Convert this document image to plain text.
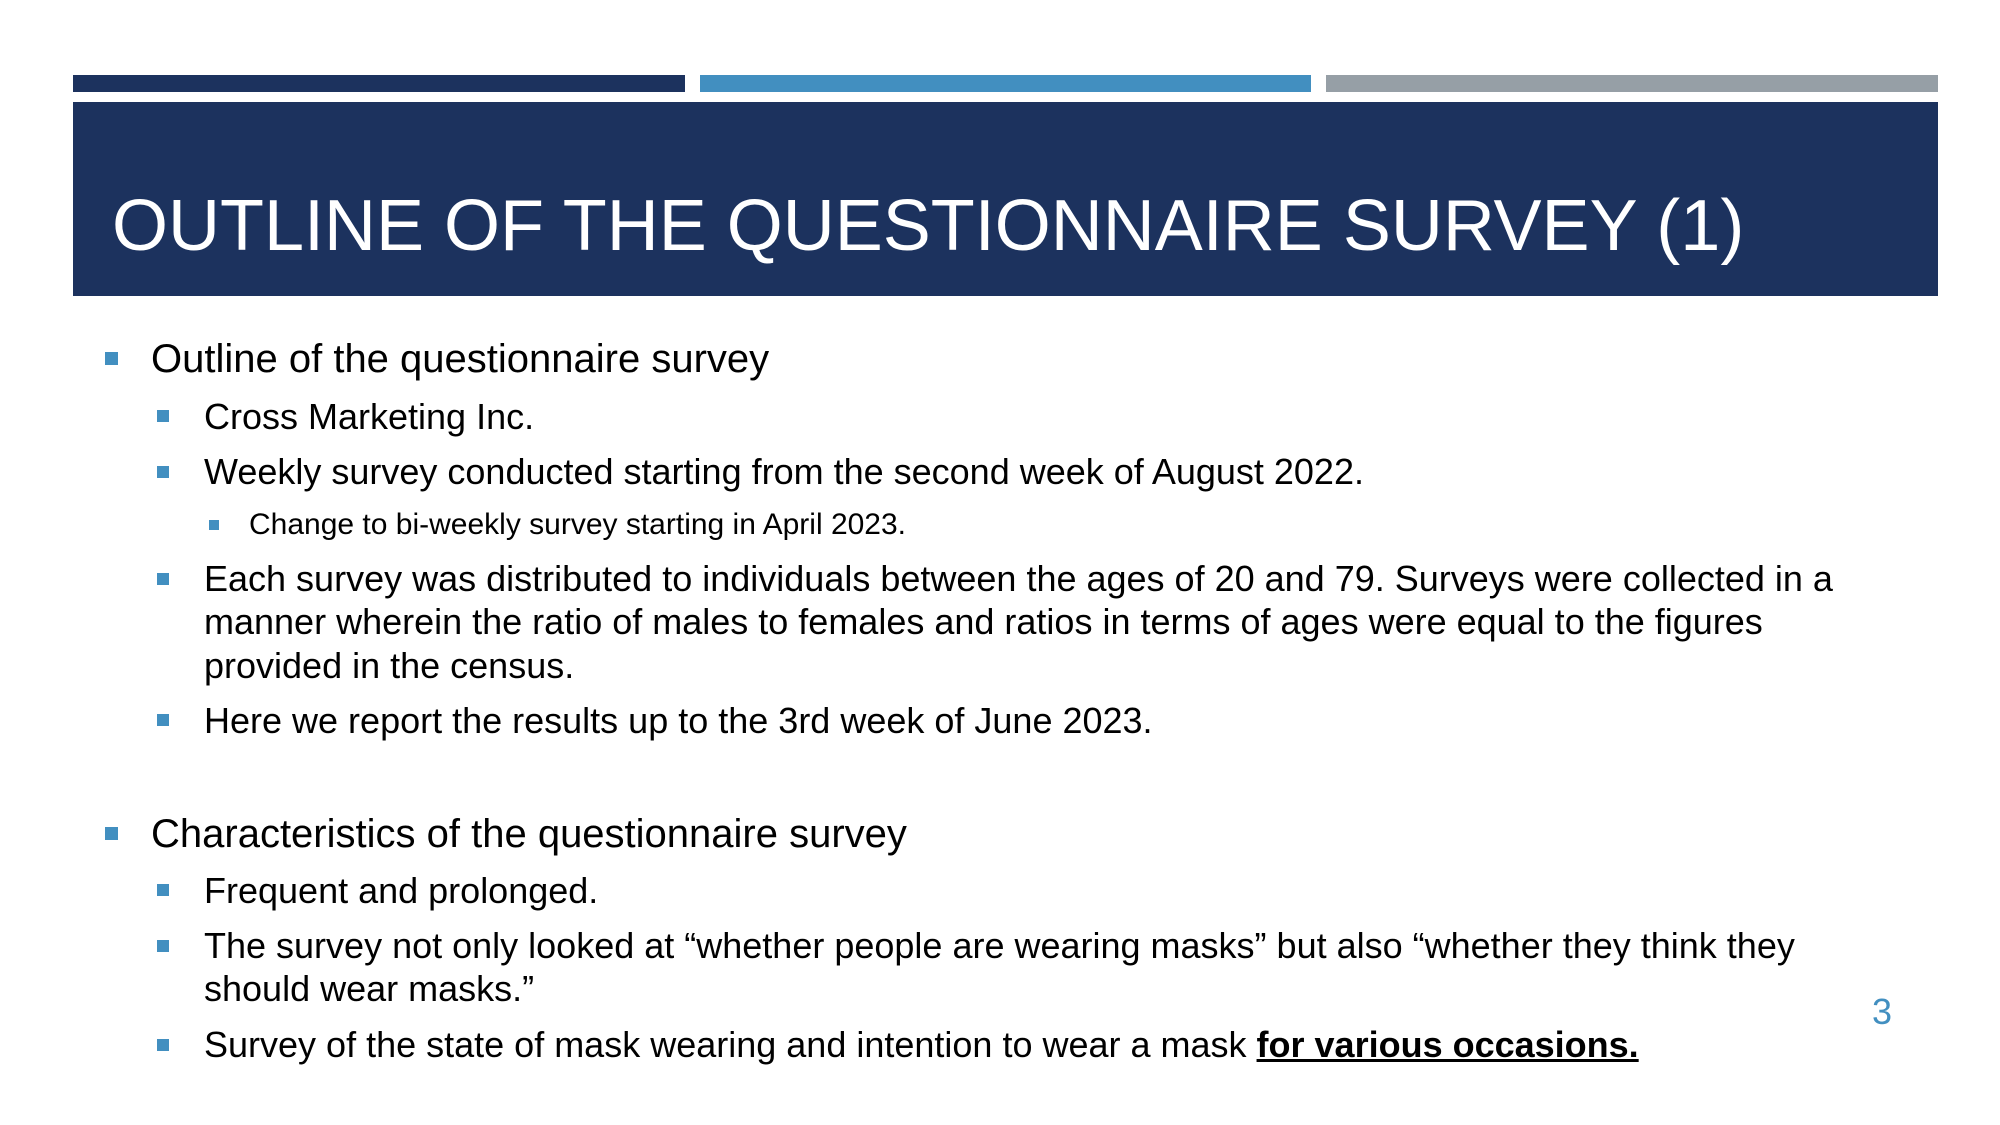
OUTLINE OF THE QUESTIONNAIRE SURVEY (1)
Outline of the questionnaire survey
Cross Marketing Inc.
Weekly survey conducted starting from the second week of August 2022.
Change to bi-weekly survey starting in April 2023.
Each survey was distributed to individuals between the ages of 20 and 79. Surveys were collected in a
manner wherein the ratio of males to females and ratios in terms of ages were equal to the figures
provided in the census.
Here we report the results up to the 3rd week of June 2023.
Characteristics of the questionnaire survey
Frequent and prolonged.
The survey not only looked at “whether people are wearing masks” but also “whether they think they
should wear masks.”
Survey of the state of mask wearing and intention to wear a mask for various occasions.
3
